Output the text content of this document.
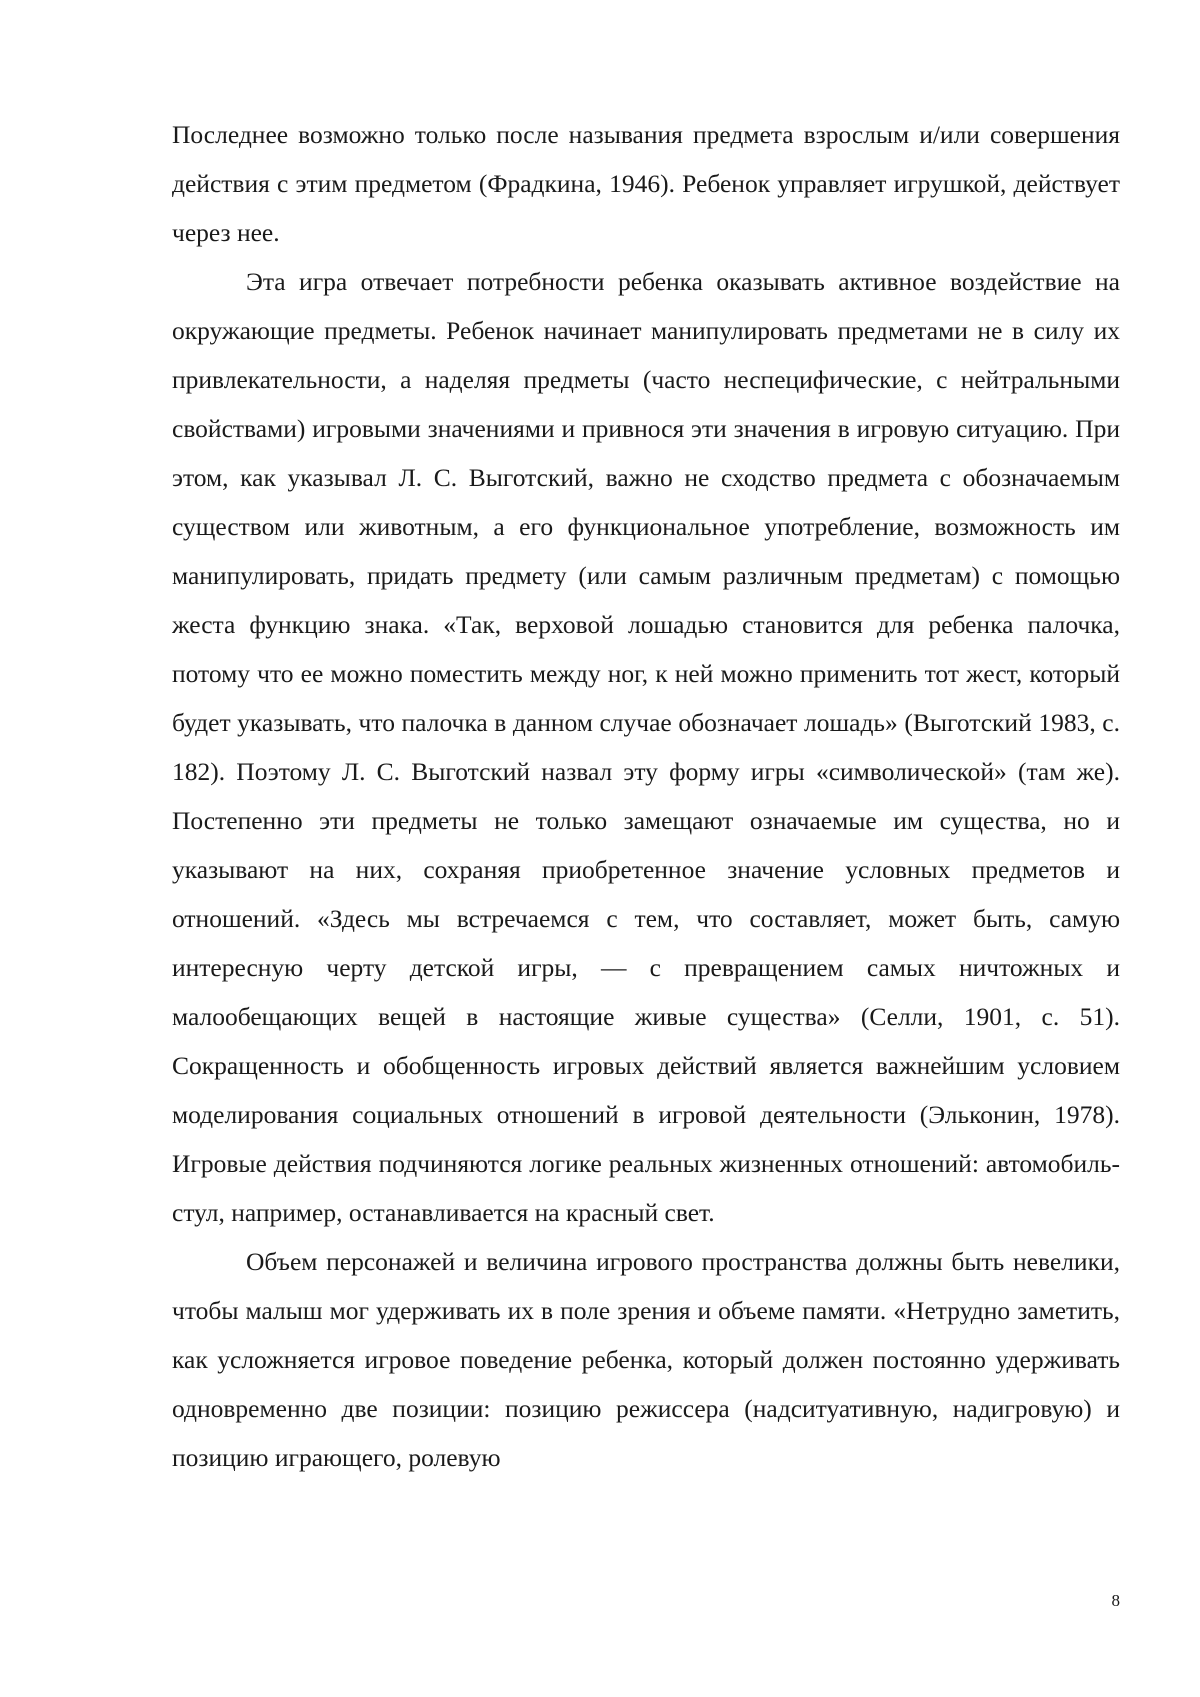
Последнее возможно только после называния предмета взрослым и/или совершения действия с этим предметом (Фрадкина, 1946). Ребенок управляет игрушкой, действует через нее.

Эта игра отвечает потребности ребенка оказывать активное воздействие на окружающие предметы. Ребенок начинает манипулировать предметами не в силу их привлекательности, а наделяя предметы (часто неспецифические, с нейтральными свойствами) игровыми значениями и привнося эти значения в игровую ситуацию. При этом, как указывал Л. С. Выготский, важно не сходство предмета с обозначаемым существом или животным, а его функциональное употребление, возможность им манипулировать, придать предмету (или самым различным предметам) с помощью жеста функцию знака. «Так, верховой лошадью становится для ребенка палочка, потому что ее можно поместить между ног, к ней можно применить тот жест, который будет указывать, что палочка в данном случае обозначает лошадь» (Выготский 1983, с. 182). Поэтому Л. С. Выготский назвал эту форму игры «символической» (там же). Постепенно эти предметы не только замещают означаемые им существа, но и указывают на них, сохраняя приобретенное значение условных предметов и отношений. «Здесь мы встречаемся с тем, что составляет, может быть, самую интересную черту детской игры, — с превращением самых ничтожных и малообещающих вещей в настоящие живые существа» (Селли, 1901, с. 51). Сокращенность и обобщенность игровых действий является важнейшим условием моделирования социальных отношений в игровой деятельности (Эльконин, 1978). Игровые действия подчиняются логике реальных жизненных отношений: автомобиль-стул, например, останавливается на красный свет.

Объем персонажей и величина игрового пространства должны быть невелики, чтобы малыш мог удерживать их в поле зрения и объеме памяти. «Нетрудно заметить, как усложняется игровое поведение ребенка, который должен постоянно удерживать одновременно две позиции: позицию режиссера (надситуативную, надигровую) и позицию играющего, ролевую

8
